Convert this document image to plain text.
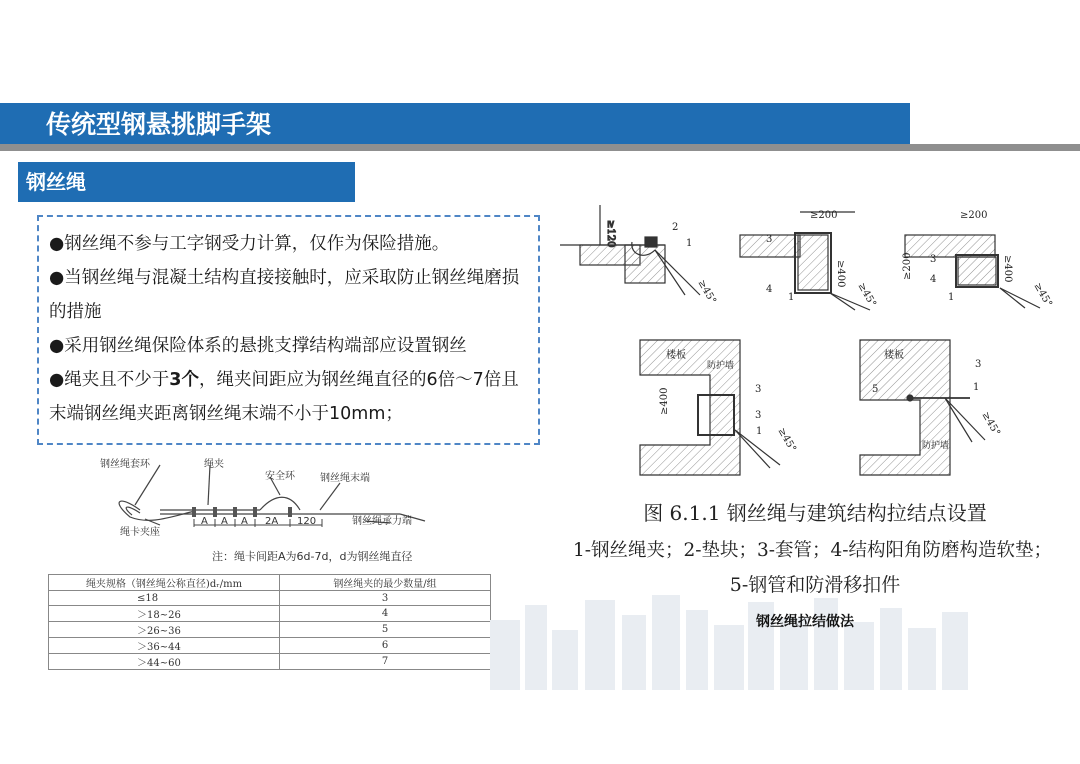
传统型钢悬挑脚手架
钢丝绳

●钢丝绳不参与工字钢受力计算，仅作为保险措施。

●当钢丝绳与混凝土结构直接接触时，应采取防止钢丝绳磨损的措施

●采用钢丝绳保险体系的悬挑支撑结构端部应设置钢丝

●绳夹且不少于3个，绳夹间距应为钢丝绳直径的6倍～7倍且末端钢丝绳夹距离钢丝绳末端不小于10mm；

钢丝绳套环	绳夹
安全环	钢丝绳末端
绳卡夹座
钢丝绳承力端
A A A 2A 120
注：绳卡间距A为6d-7d，d为钢丝绳直径
绳夹规格（钢丝绳公称直径)dᵣ/mm	钢丝绳夹的最少数量/组
≤18	3
＞18~26	4
＞26~36	5
＞36~44	6
＞44~60	7
≥120	2
1
≥45°
≥200
3
≥400
4
1	≥45°
≥200
3	≥400
≥200 4
1	≥45°
楼板
防护墙
3
≥400
3
1 ≥45°
楼板
3
5	1
防护墙
≥45°
图 6.1.1 钢丝绳与建筑结构拉结点设置
1-钢丝绳夹；2-垫块；3-套管；4-结构阳角防磨构造软垫；
5-钢管和防滑移扣件
钢丝绳拉结做法
